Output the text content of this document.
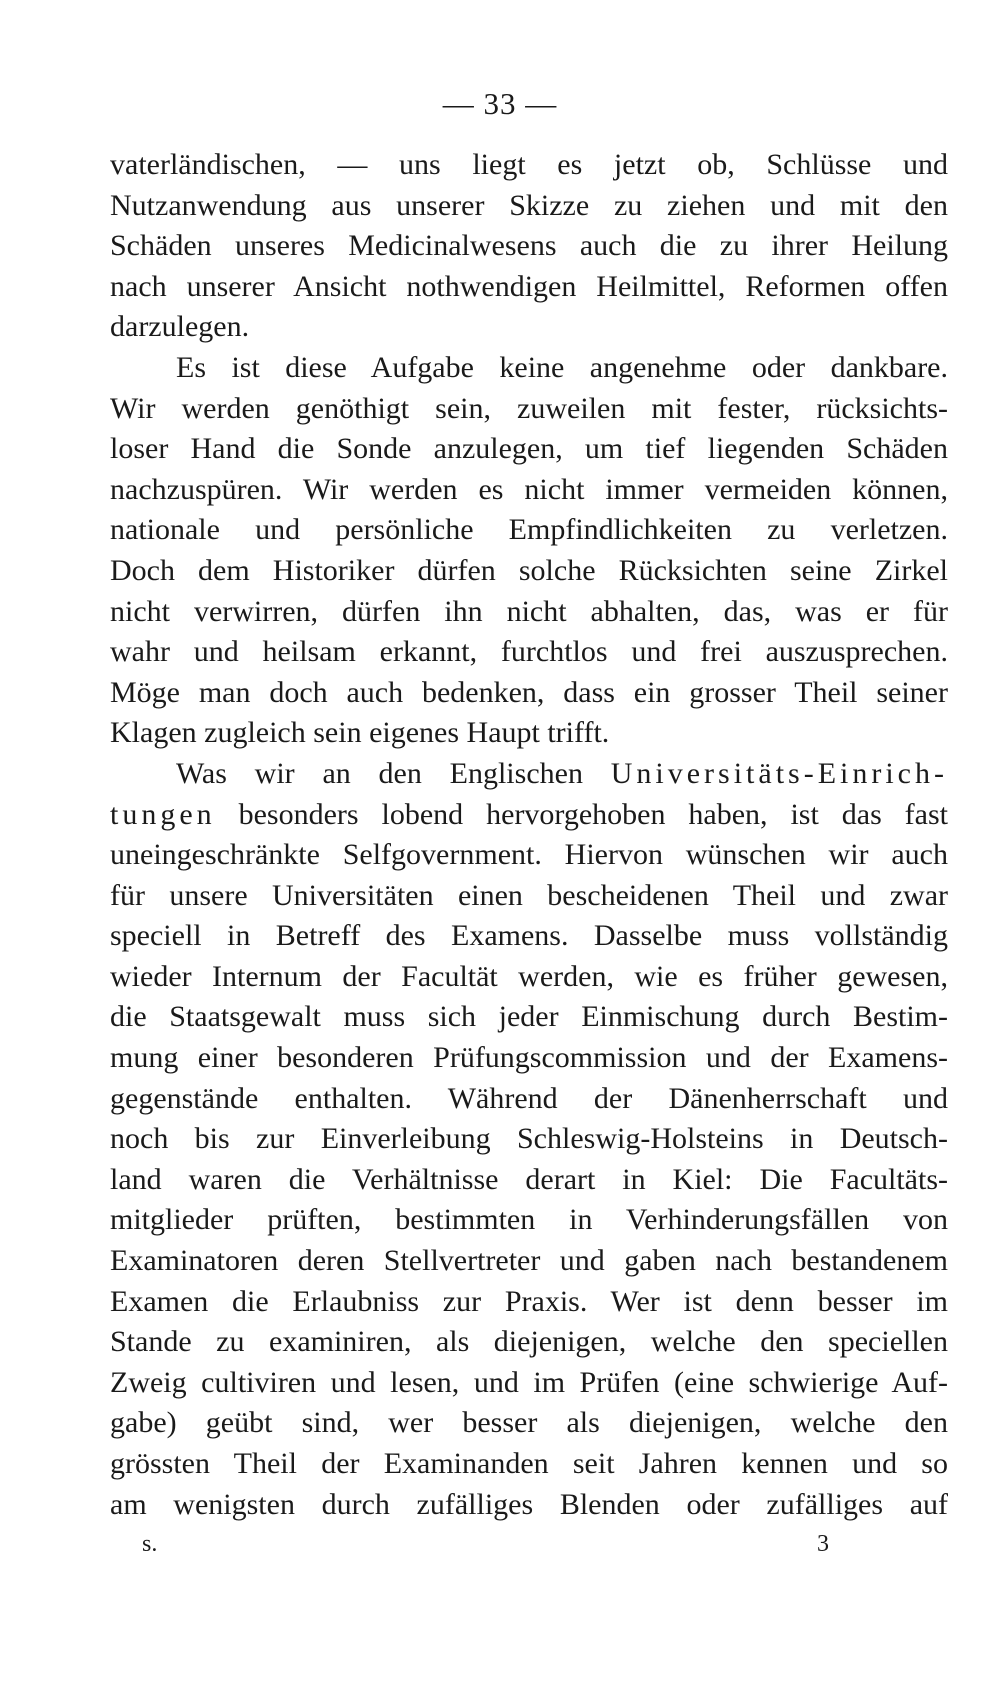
— 33 —
vaterländischen, — uns liegt es jetzt ob, Schlüsse und
Nutzanwendung aus unserer Skizze zu ziehen und mit den
Schäden unseres Medicinalwesens auch die zu ihrer Heilung
nach unserer Ansicht nothwendigen Heilmittel, Reformen offen
darzulegen.
Es ist diese Aufgabe keine angenehme oder dankbare.
Wir werden genöthigt sein, zuweilen mit fester, rücksichts-
loser Hand die Sonde anzulegen, um tief liegenden Schäden
nachzuspüren. Wir werden es nicht immer vermeiden können,
nationale und persönliche Empfindlichkeiten zu verletzen.
Doch dem Historiker dürfen solche Rücksichten seine Zirkel
nicht verwirren, dürfen ihn nicht abhalten, das, was er für
wahr und heilsam erkannt, furchtlos und frei auszusprechen.
Möge man doch auch bedenken, dass ein grosser Theil seiner
Klagen zugleich sein eigenes Haupt trifft.
Was wir an den Englischen Universitäts-Einrich-
tungen besonders lobend hervorgehoben haben, ist das fast
uneingeschränkte Selfgovernment. Hiervon wünschen wir auch
für unsere Universitäten einen bescheidenen Theil und zwar
speciell in Betreff des Examens. Dasselbe muss vollständig
wieder Internum der Facultät werden, wie es früher gewesen,
die Staatsgewalt muss sich jeder Einmischung durch Bestim-
mung einer besonderen Prüfungscommission und der Examens-
gegenstände enthalten. Während der Dänenherrschaft und
noch bis zur Einverleibung Schleswig-Holsteins in Deutsch-
land waren die Verhältnisse derart in Kiel: Die Facultäts-
mitglieder prüften, bestimmten in Verhinderungsfällen von
Examinatoren deren Stellvertreter und gaben nach bestandenem
Examen die Erlaubniss zur Praxis. Wer ist denn besser im
Stande zu examiniren, als diejenigen, welche den speciellen
Zweig cultiviren und lesen, und im Prüfen (eine schwierige Auf-
gabe) geübt sind, wer besser als diejenigen, welche den
grössten Theil der Examinanden seit Jahren kennen und so
am wenigsten durch zufälliges Blenden oder zufälliges auf
s.	3
